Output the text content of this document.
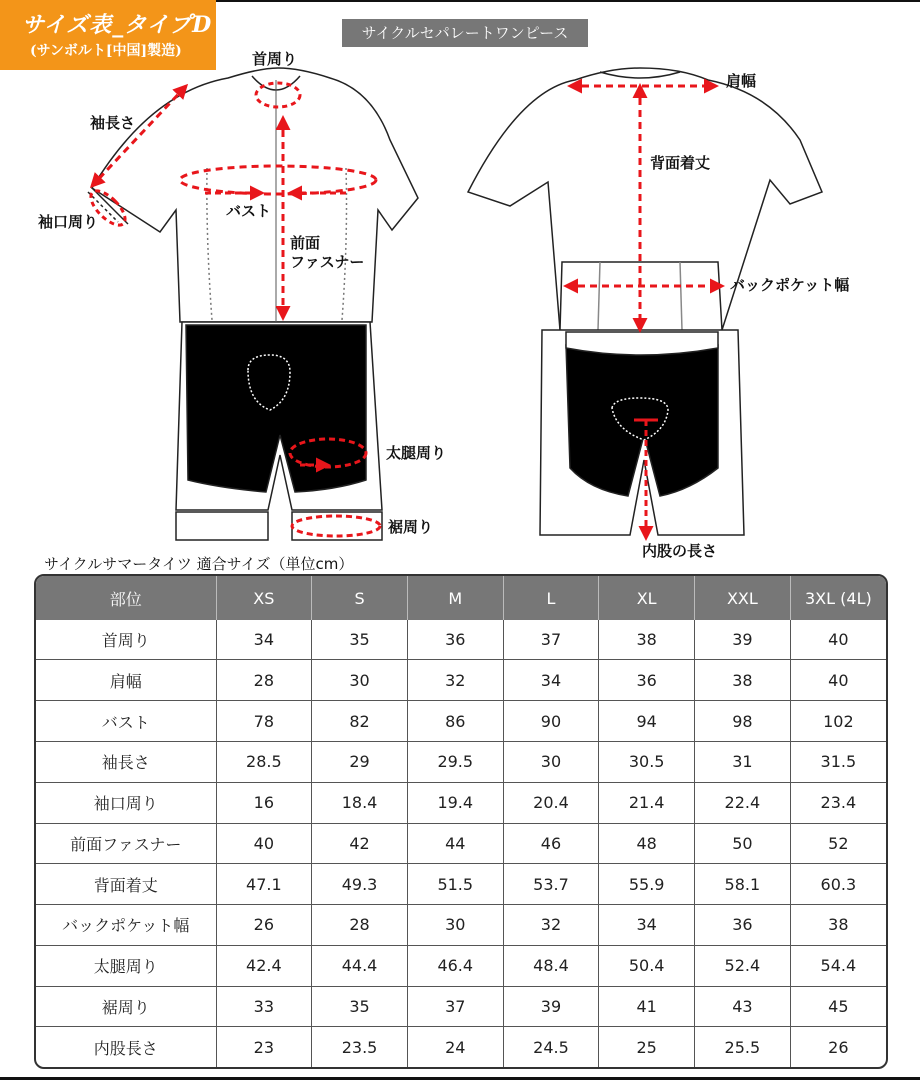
サイズ表_タイプD
(サンボルト[中国]製造)
サイクルセパレートワンピース
首周り
袖長さ
袖口周り
バスト
前面
ファスナー
太腿周り
裾周り
肩幅
背面着丈
バックポケット幅
内股の長さ
サイクルサマータイツ 適合サイズ（単位cm）
部位	XS	S	M	L	XL	XXL	3XL (4L)
首周り	34	35	36	37	38	39	40
肩幅	28	30	32	34	36	38	40
バスト	78	82	86	90	94	98	102
袖長さ	28.5	29	29.5	30	30.5	31	31.5
袖口周り	16	18.4	19.4	20.4	21.4	22.4	23.4
前面ファスナー	40	42	44	46	48	50	52
背面着丈	47.1	49.3	51.5	53.7	55.9	58.1	60.3
バックポケット幅	26	28	30	32	34	36	38
太腿周り	42.4	44.4	46.4	48.4	50.4	52.4	54.4
裾周り	33	35	37	39	41	43	45
内股長さ	23	23.5	24	24.5	25	25.5	26
